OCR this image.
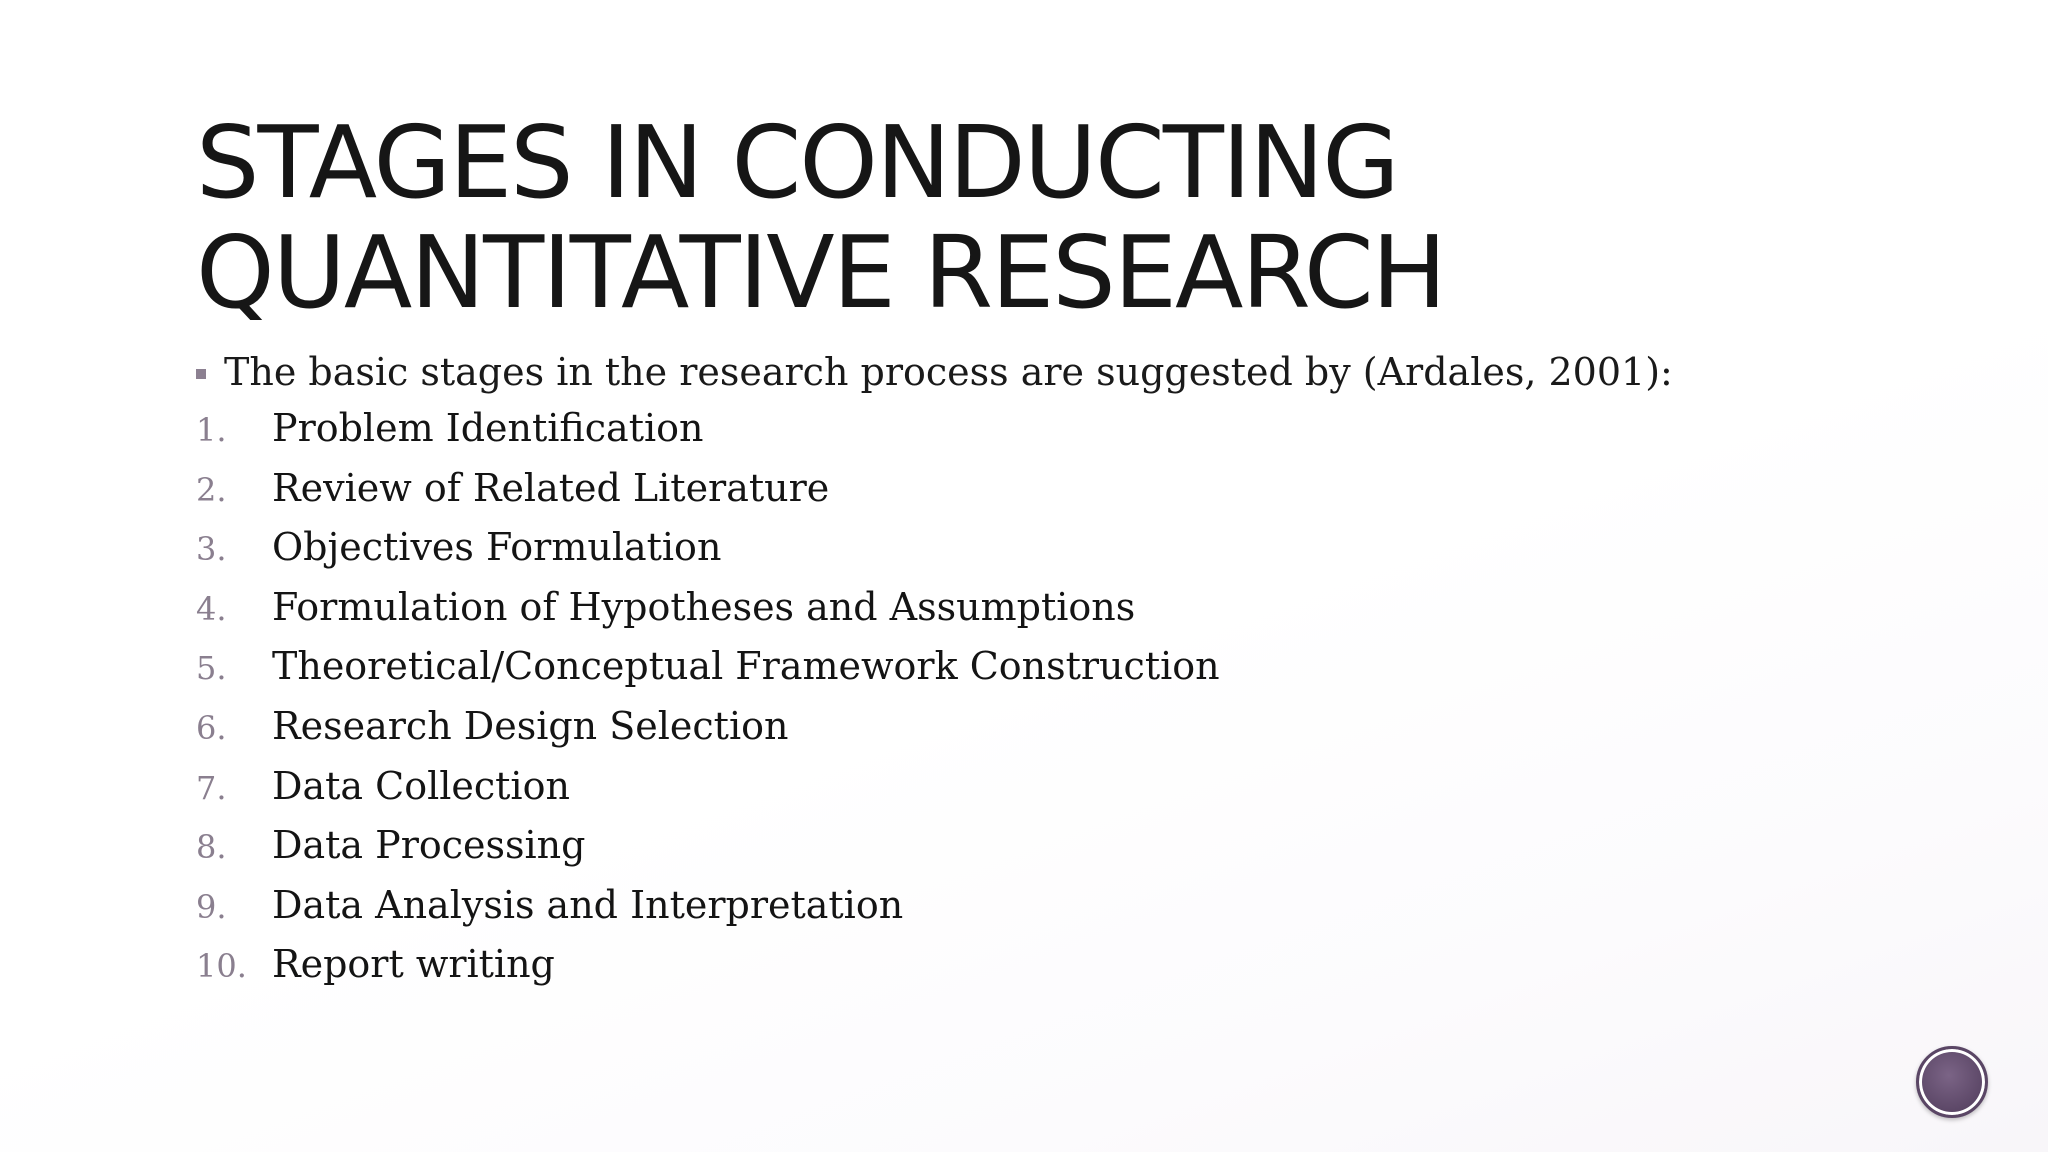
STAGES IN CONDUCTING
QUANTITATIVE RESEARCH
The basic stages in the research process are suggested by (Ardales, 2001):
1.	Problem Identification
2.	Review of Related Literature
3.	Objectives Formulation
4.	Formulation of Hypotheses and Assumptions
5.	Theoretical/Conceptual Framework Construction
6.	Research Design Selection
7.	Data Collection
8.	Data Processing
9.	Data Analysis and Interpretation
10. Report writing
